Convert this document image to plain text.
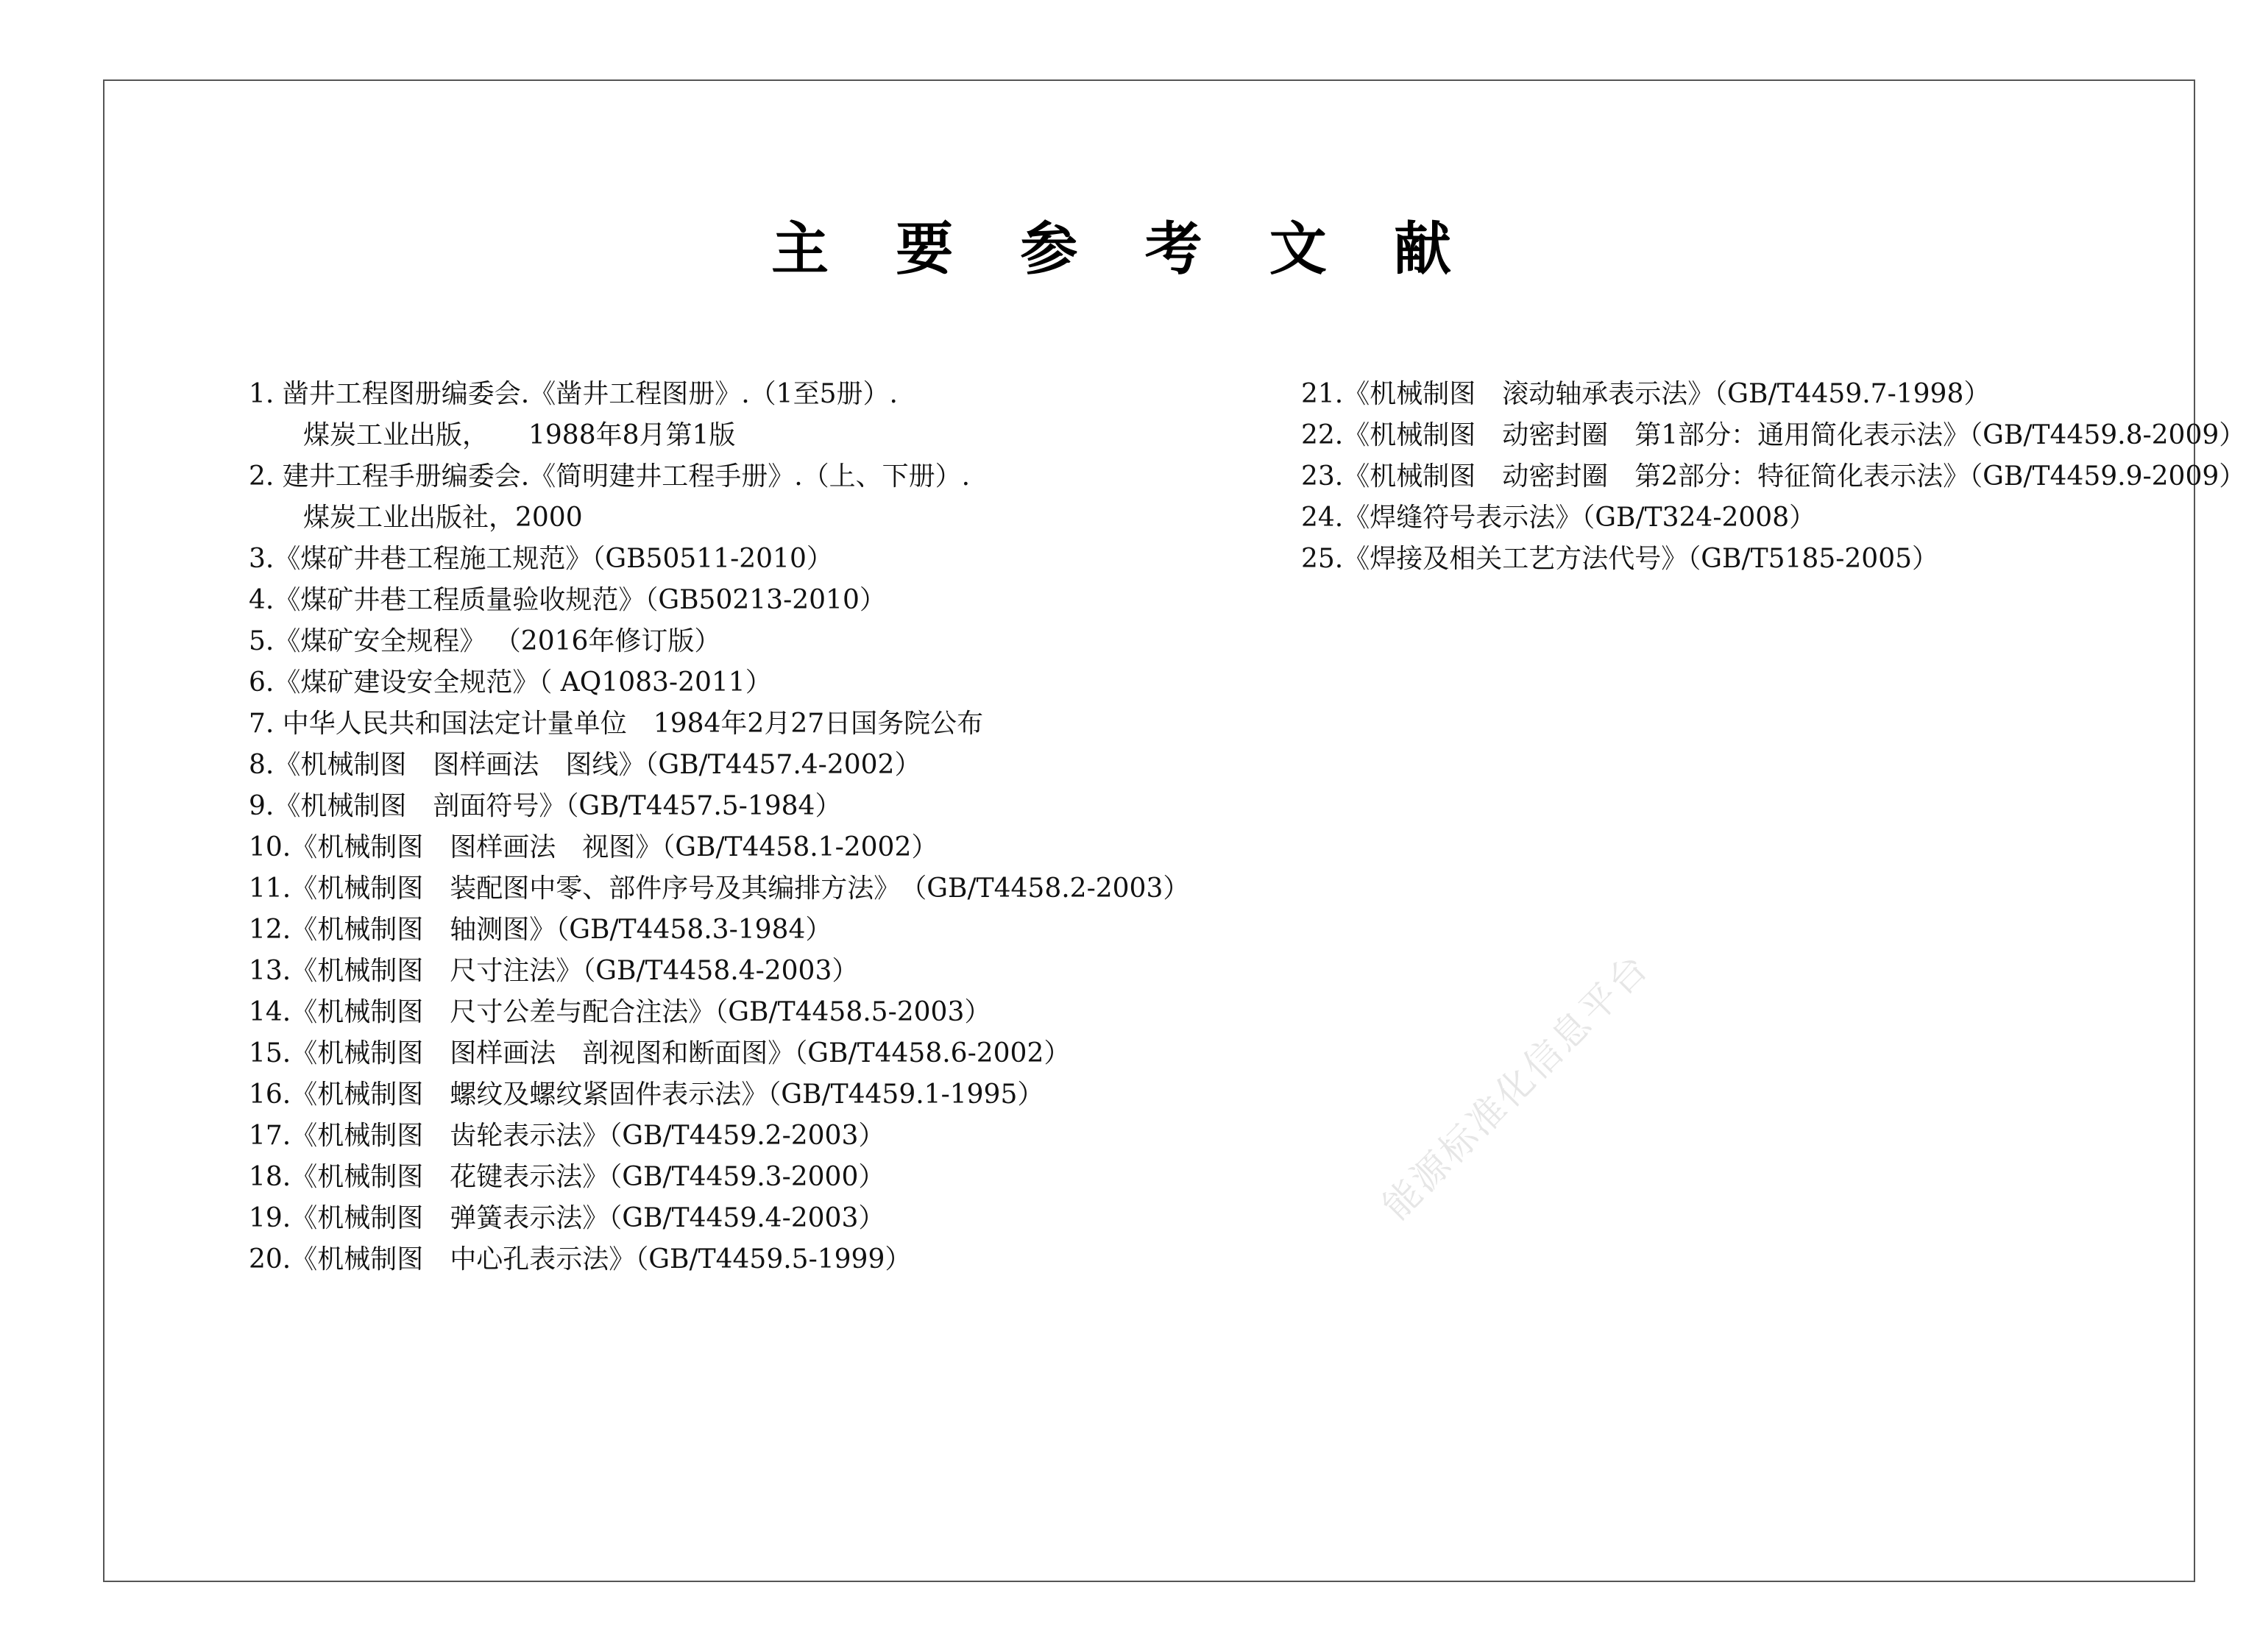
主 要 参 考 文 献
1. 凿井工程图册编委会.《凿井工程图册》.（1至5册）.
煤炭工业出版，　　1988年8月第1版
2. 建井工程手册编委会.《简明建井工程手册》.（上、下册）.
煤炭工业出版社，2000
3.《煤矿井巷工程施工规范》（GB50511-2010）
4.《煤矿井巷工程质量验收规范》（GB50213-2010）
5.《煤矿安全规程》 （2016年修订版）
6.《煤矿建设安全规范》（ AQ1083-2011）
7. 中华人民共和国法定计量单位　1984年2月27日国务院公布
8.《机械制图　图样画法　图线》（GB/T4457.4-2002）
9.《机械制图　剖面符号》（GB/T4457.5-1984）
10.《机械制图　图样画法　视图》（GB/T4458.1-2002）
11.《机械制图　装配图中零、部件序号及其编排方法》　（GB/T4458.2-2003）
12.《机械制图　轴测图》（GB/T4458.3-1984）
13.《机械制图　尺寸注法》（GB/T4458.4-2003）
14.《机械制图　尺寸公差与配合注法》（GB/T4458.5-2003）
15.《机械制图　图样画法　剖视图和断面图》（GB/T4458.6-2002）
16.《机械制图　螺纹及螺纹紧固件表示法》（GB/T4459.1-1995）
17.《机械制图　齿轮表示法》（GB/T4459.2-2003）
18.《机械制图　花键表示法》（GB/T4459.3-2000）
19.《机械制图　弹簧表示法》（GB/T4459.4-2003）
20.《机械制图　中心孔表示法》（GB/T4459.5-1999）
21.《机械制图　滚动轴承表示法》（GB/T4459.7-1998）
22.《机械制图　动密封圈　第1部分：通用简化表示法》（GB/T4459.8-2009）
23.《机械制图　动密封圈　第2部分：特征简化表示法》（GB/T4459.9-2009）
24.《焊缝符号表示法》（GB/T324-2008）
25.《焊接及相关工艺方法代号》（GB/T5185-2005）
能源标准化信息平台
